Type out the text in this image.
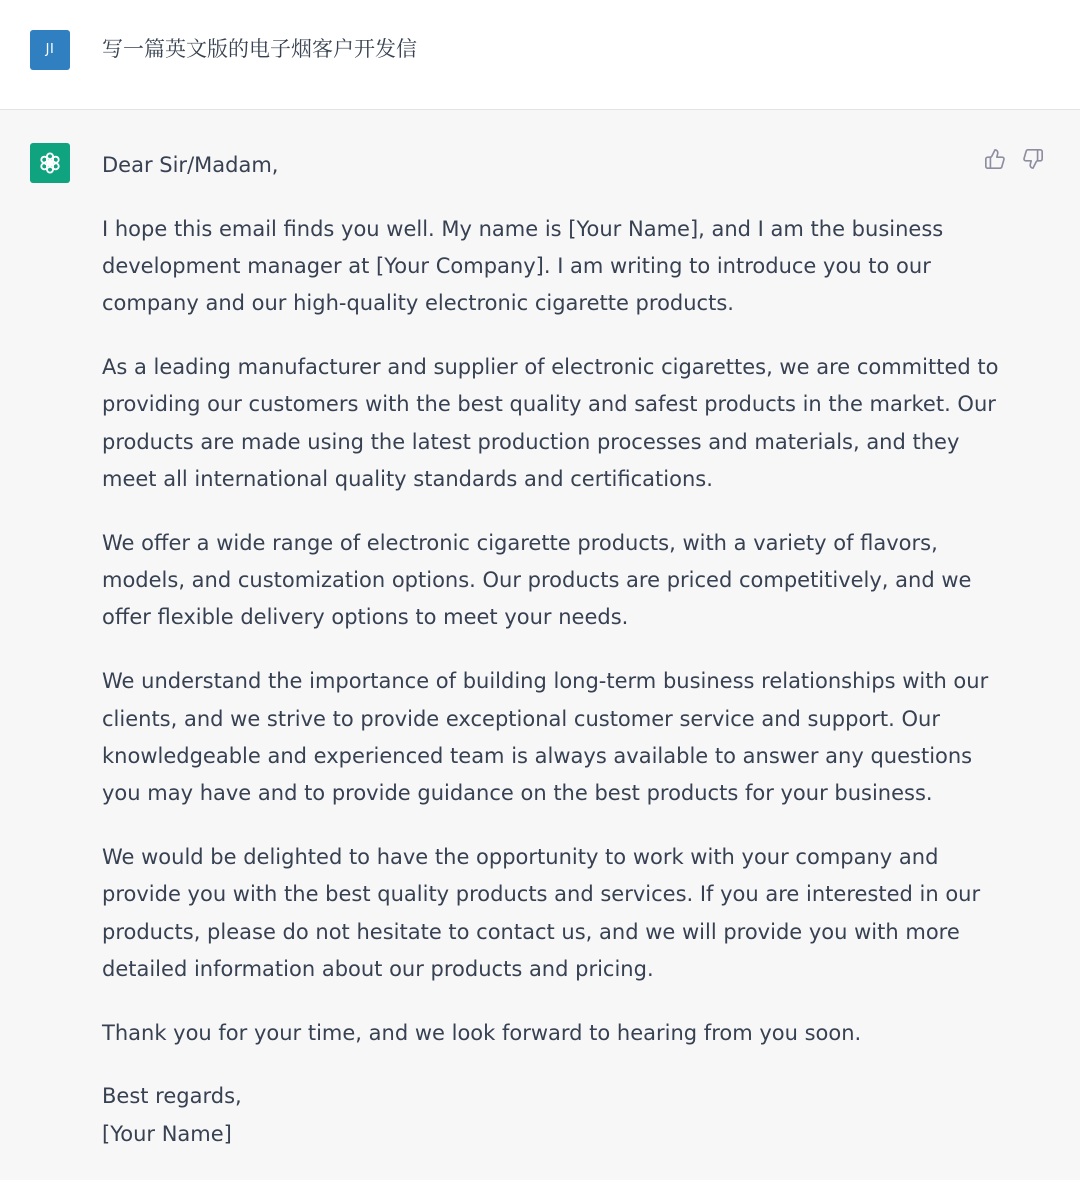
JI	写一篇英文版的电子烟客户开发信

Dear Sir/Madam,

I hope this email finds you well. My name is [Your Name], and I am the business
development manager at [Your Company]. I am writing to introduce you to our
company and our high-quality electronic cigarette products.

As a leading manufacturer and supplier of electronic cigarettes, we are committed to
providing our customers with the best quality and safest products in the market. Our
products are made using the latest production processes and materials, and they
meet all international quality standards and certifications.

We offer a wide range of electronic cigarette products, with a variety of flavors,
models, and customization options. Our products are priced competitively, and we
offer flexible delivery options to meet your needs.

We understand the importance of building long-term business relationships with our
clients, and we strive to provide exceptional customer service and support. Our
knowledgeable and experienced team is always available to answer any questions
you may have and to provide guidance on the best products for your business.

We would be delighted to have the opportunity to work with your company and
provide you with the best quality products and services. If you are interested in our
products, please do not hesitate to contact us, and we will provide you with more
detailed information about our products and pricing.

Thank you for your time, and we look forward to hearing from you soon.

Best regards,
[Your Name]
